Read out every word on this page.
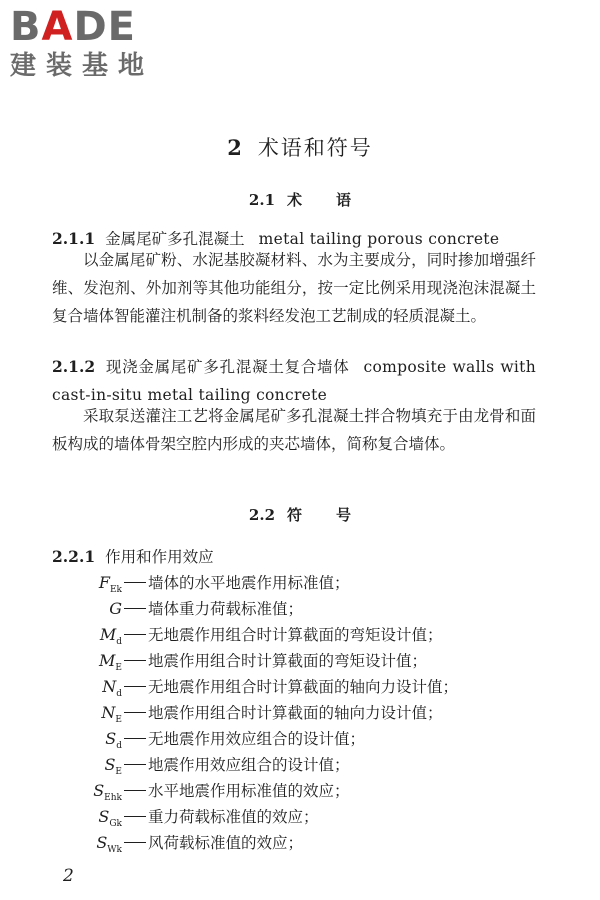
BADE
建装基地
2 术语和符号
2.1 术 语
2.1.1 金属尾矿多孔混凝土 metal tailing porous concrete
以金属尾矿粉、水泥基胶凝材料、水为主要成分，同时掺加增强纤维、发泡剂、外加剂等其他功能组分，按一定比例采用现浇泡沫混凝土复合墙体智能灌注机制备的浆料经发泡工艺制成的轻质混凝土。
2.1.2 现浇金属尾矿多孔混凝土复合墙体 composite walls with cast-in-situ metal tailing concrete
采取泵送灌注工艺将金属尾矿多孔混凝土拌合物填充于由龙骨和面板构成的墙体骨架空腔内形成的夹芯墙体，简称复合墙体。
2.2 符 号
2.2.1 作用和作用效应
$F_{Ek}$ 墙体的水平地震作用标准值；
G 墙体重力荷载标准值；
$M_d$ 无地震作用组合时计算截面的弯矩设计值；
$M_E$ 地震作用组合时计算截面的弯矩设计值；
$N_d$ 无地震作用组合时计算截面的轴向力设计值；
$N_E$ 地震作用组合时计算截面的轴向力设计值；
$S_d$ 无地震作用效应组合的设计值；
$S_E$ 地震作用效应组合的设计值；
$S_{Ehk}$ 水平地震作用标准值的效应；
$S_{Gk}$ 重力荷载标准值的效应；
$S_{Wk}$ 风荷载标准值的效应；
2
